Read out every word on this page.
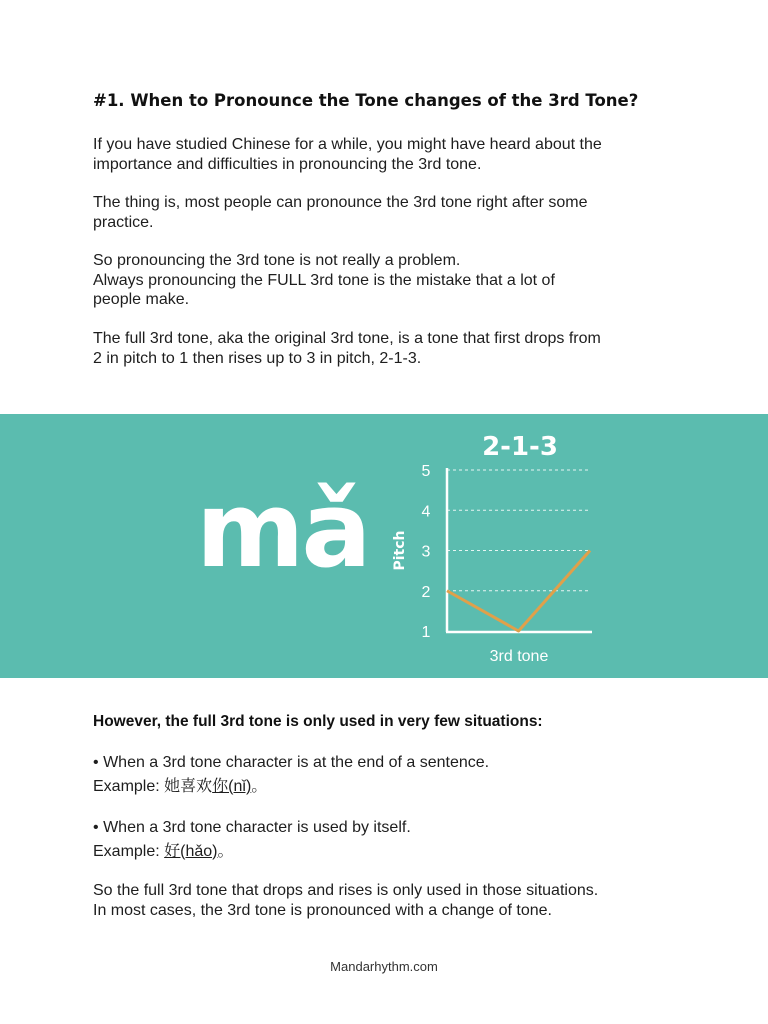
#1. When to Pronounce the Tone changes of the 3rd Tone?

If you have studied Chinese for a while, you might have heard about the
importance and difficulties in pronouncing the 3rd tone.

The thing is, most people can pronounce the 3rd tone right after some
practice.

So pronouncing the 3rd tone is not really a problem.
Always pronouncing the FULL 3rd tone is the mistake that a lot of
people make.

The full 3rd tone, aka the original 3rd tone, is a tone that first drops from
2 in pitch to 1 then rises up to 3 in pitch, 2-1-3.

mǎ
2-1-3
Pitch
3rd tone
1
2
3
4
5
However, the full 3rd tone is only used in very few situations:
• When a 3rd tone character is at the end of a sentence.
Example: 她喜欢你(nǐ)。
• When a 3rd tone character is used by itself.
Example: 好(hǎo)。

So the full 3rd tone that drops and rises is only used in those situations.
In most cases, the 3rd tone is pronounced with a change of tone.

Mandarhythm.com
